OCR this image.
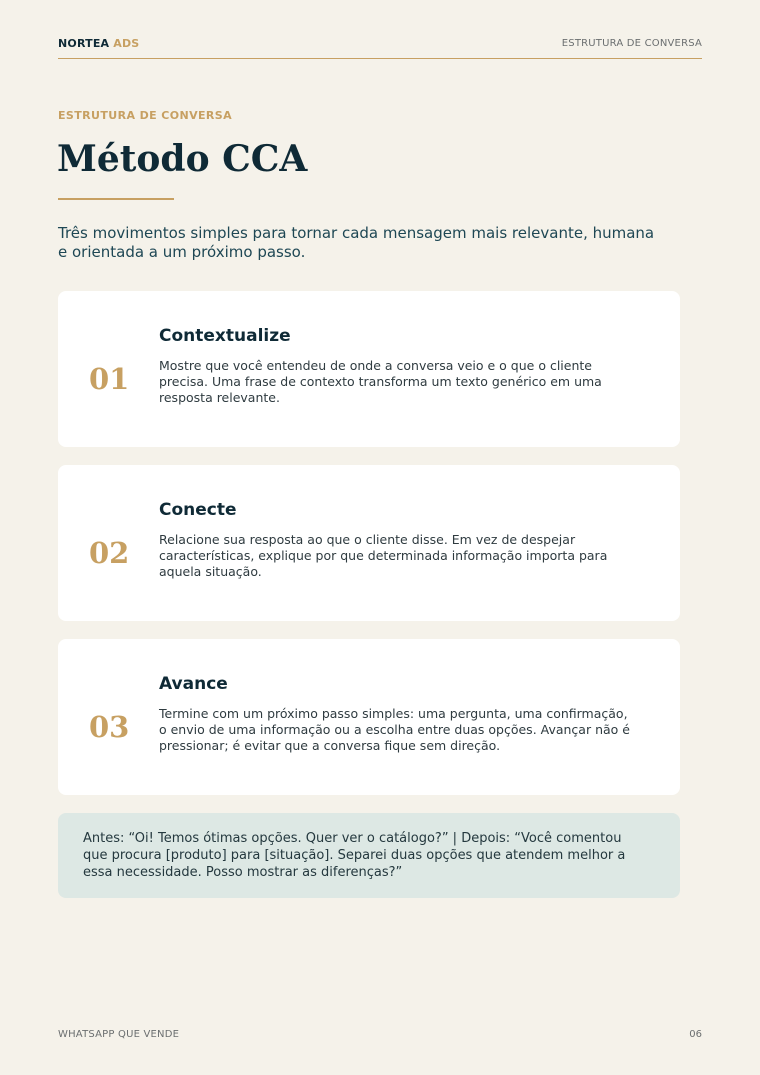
NORTEA ADS	ESTRUTURA DE CONVERSA
ESTRUTURA DE CONVERSA
Método CCA

Três movimentos simples para tornar cada mensagem mais relevante, humana e orientada a um próximo passo.

01
Contextualize

Mostre que você entendeu de onde a conversa veio e o que o cliente precisa. Uma frase de contexto transforma um texto genérico em uma resposta relevante.

02
Conecte

Relacione sua resposta ao que o cliente disse. Em vez de despejar características, explique por que determinada informação importa para aquela situação.

03
Avance

Termine com um próximo passo simples: uma pergunta, uma confirmação, o envio de uma informação ou a escolha entre duas opções. Avançar não é pressionar; é evitar que a conversa fique sem direção.

Antes: “Oi! Temos ótimas opções. Quer ver o catálogo?” | Depois: “Você comentou que procura [produto] para [situação]. Separei duas opções que atendem melhor a essa necessidade. Posso mostrar as diferenças?”

WHATSAPP QUE VENDE	06
